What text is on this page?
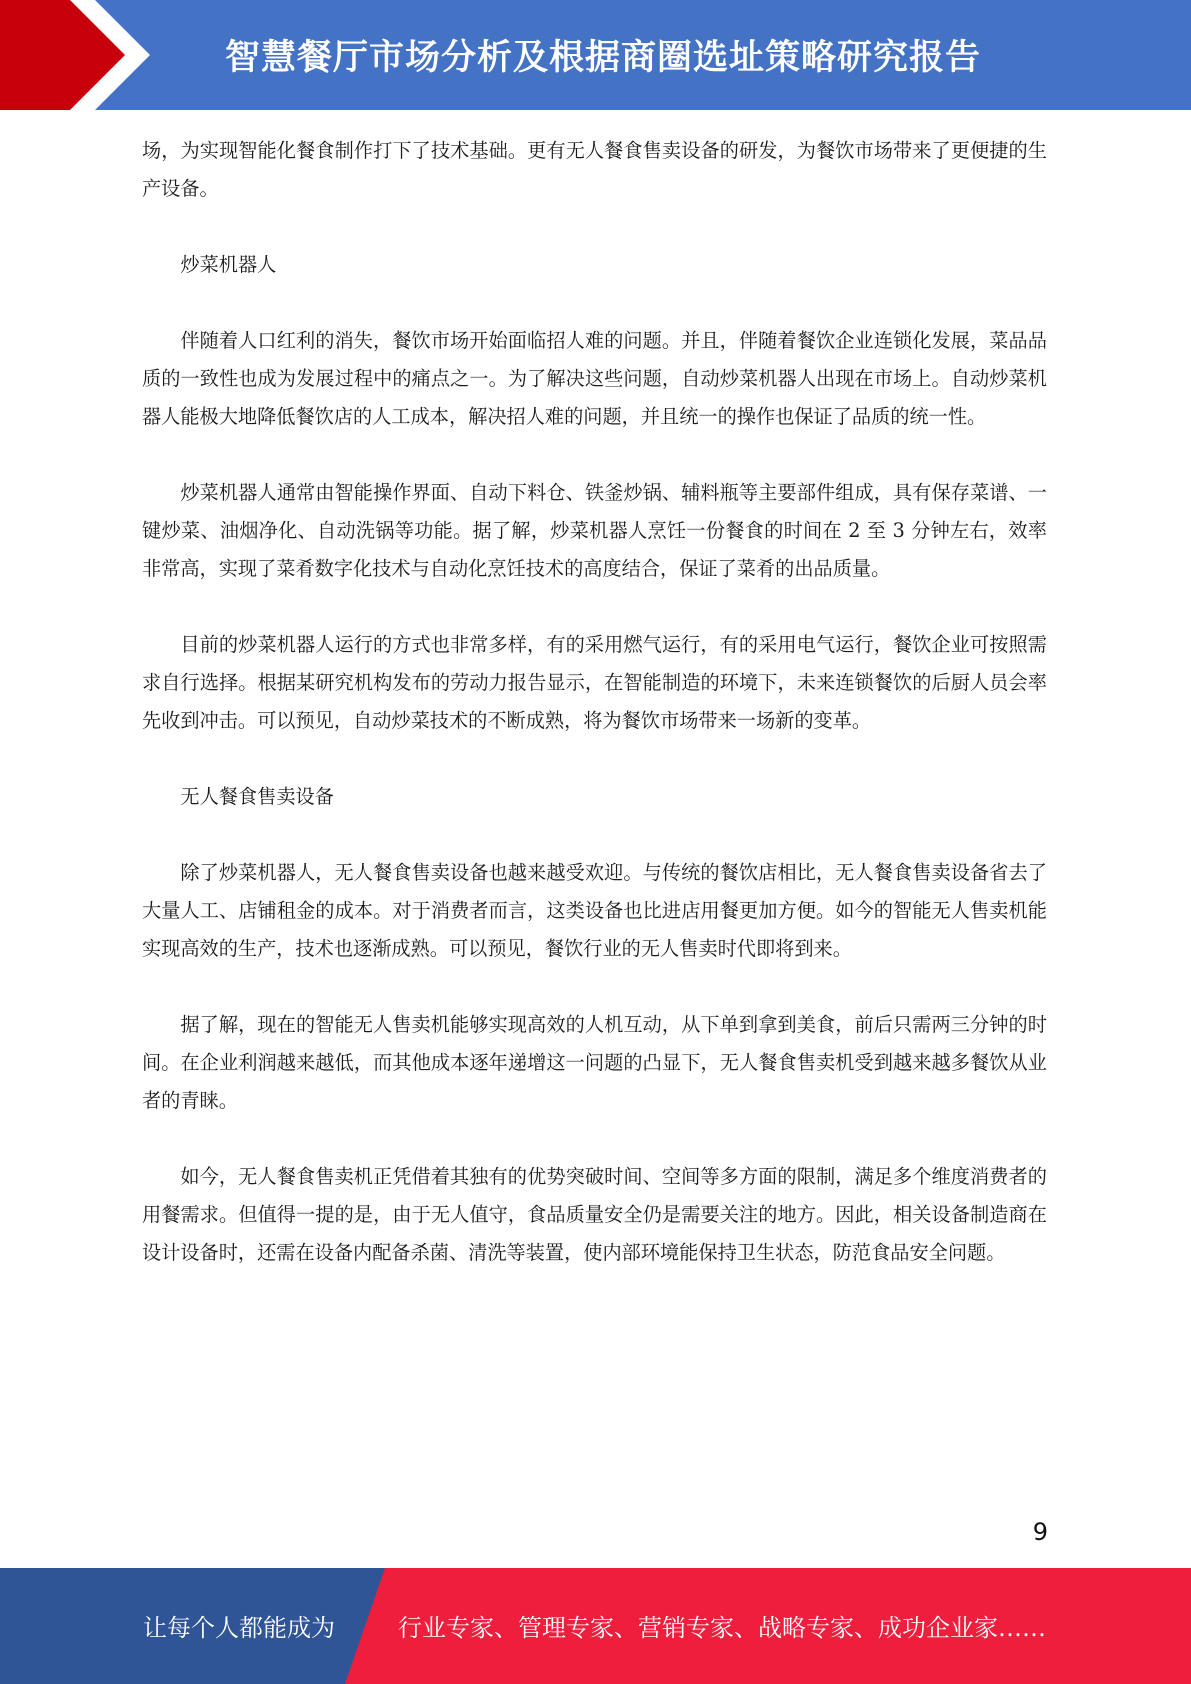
智慧餐厅市场分析及根据商圈选址策略研究报告

场，为实现智能化餐食制作打下了技术基础。更有无人餐食售卖设备的研发，为餐饮市场带来了更便捷的生产设备。

炒菜机器人

伴随着人口红利的消失，餐饮市场开始面临招人难的问题。并且，伴随着餐饮企业连锁化发展，菜品品质的一致性也成为发展过程中的痛点之一。为了解决这些问题，自动炒菜机器人出现在市场上。自动炒菜机器人能极大地降低餐饮店的人工成本，解决招人难的问题，并且统一的操作也保证了品质的统一性。

炒菜机器人通常由智能操作界面、自动下料仓、铁釜炒锅、辅料瓶等主要部件组成，具有保存菜谱、一键炒菜、油烟净化、自动洗锅等功能。据了解，炒菜机器人烹饪一份餐食的时间在 2 至 3 分钟左右，效率非常高，实现了菜肴数字化技术与自动化烹饪技术的高度结合，保证了菜肴的出品质量。

目前的炒菜机器人运行的方式也非常多样，有的采用燃气运行，有的采用电气运行，餐饮企业可按照需求自行选择。根据某研究机构发布的劳动力报告显示，在智能制造的环境下，未来连锁餐饮的后厨人员会率先收到冲击。可以预见，自动炒菜技术的不断成熟，将为餐饮市场带来一场新的变革。

无人餐食售卖设备

除了炒菜机器人，无人餐食售卖设备也越来越受欢迎。与传统的餐饮店相比，无人餐食售卖设备省去了大量人工、店铺租金的成本。对于消费者而言，这类设备也比进店用餐更加方便。如今的智能无人售卖机能实现高效的生产，技术也逐渐成熟。可以预见，餐饮行业的无人售卖时代即将到来。

据了解，现在的智能无人售卖机能够实现高效的人机互动，从下单到拿到美食，前后只需两三分钟的时间。在企业利润越来越低，而其他成本逐年递增这一问题的凸显下，无人餐食售卖机受到越来越多餐饮从业者的青睐。

如今，无人餐食售卖机正凭借着其独有的优势突破时间、空间等多方面的限制，满足多个维度消费者的用餐需求。但值得一提的是，由于无人值守，食品质量安全仍是需要关注的地方。因此，相关设备制造商在设计设备时，还需在设备内配备杀菌、清洗等装置，使内部环境能保持卫生状态，防范食品安全问题。

9
让每个人都能成为	行业专家、管理专家、营销专家、战略专家、成功企业家……
